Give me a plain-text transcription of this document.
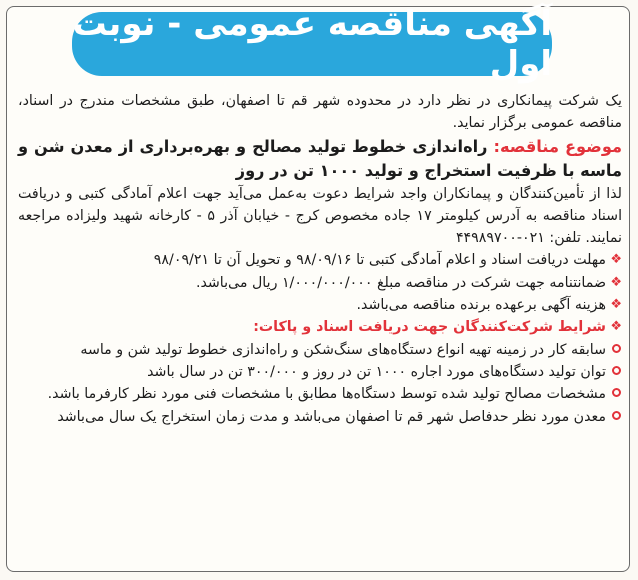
آگهی مناقصه عمومی - نوبت اول

یک شرکت پیمانکاری در نظر دارد در محدوده شهر قم تا اصفهان، طبق مشخصات مندرج در اسناد، مناقصه عمومی برگزار نماید.

موضوع مناقصه: راه‌اندازی خطوط تولید مصالح و بهره‌برداری از معدن شن و ماسه با ظرفیت استخراج و تولید ۱۰۰۰ تن در روز

لذا از تأمین‌کنندگان و پیمانکاران واجد شرایط دعوت به‌عمل می‌آید جهت اعلام آمادگی کتبی و دریافت اسناد مناقصه به آدرس کیلومتر ۱۷ جاده مخصوص کرج - خیابان آذر ۵ - کارخانه شهید ولیزاده مراجعه نمایند. تلفن: ۰۲۱-۴۴۹۸۹۷۰۰

❖
مهلت دریافت اسناد و اعلام آمادگی کتبی تا ۹۸/۰۹/۱۶ و تحویل آن تا ۹۸/۰۹/۲۱

❖
ضمانتنامه جهت شرکت در مناقصه مبلغ ۱/۰۰۰/۰۰۰/۰۰۰ ریال می‌باشد.

❖
هزینه آگهی برعهده برنده مناقصه می‌باشد.

❖
شرایط شرکت‌کنندگان جهت دریافت اسناد و پاکات:

سابقه کار در زمینه تهیه انواع دستگاه‌های سنگ‌شکن و راه‌اندازی خطوط تولید شن و ماسه

توان تولید دستگاه‌های مورد اجاره ۱۰۰۰ تن در روز و ۳۰۰/۰۰۰ تن در سال باشد

مشخصات مصالح تولید شده توسط دستگاه‌ها مطابق با مشخصات فنی مورد نظر کارفرما باشد.

معدن مورد نظر حدفاصل شهر قم تا اصفهان می‌باشد و مدت زمان استخراج یک سال می‌باشد
